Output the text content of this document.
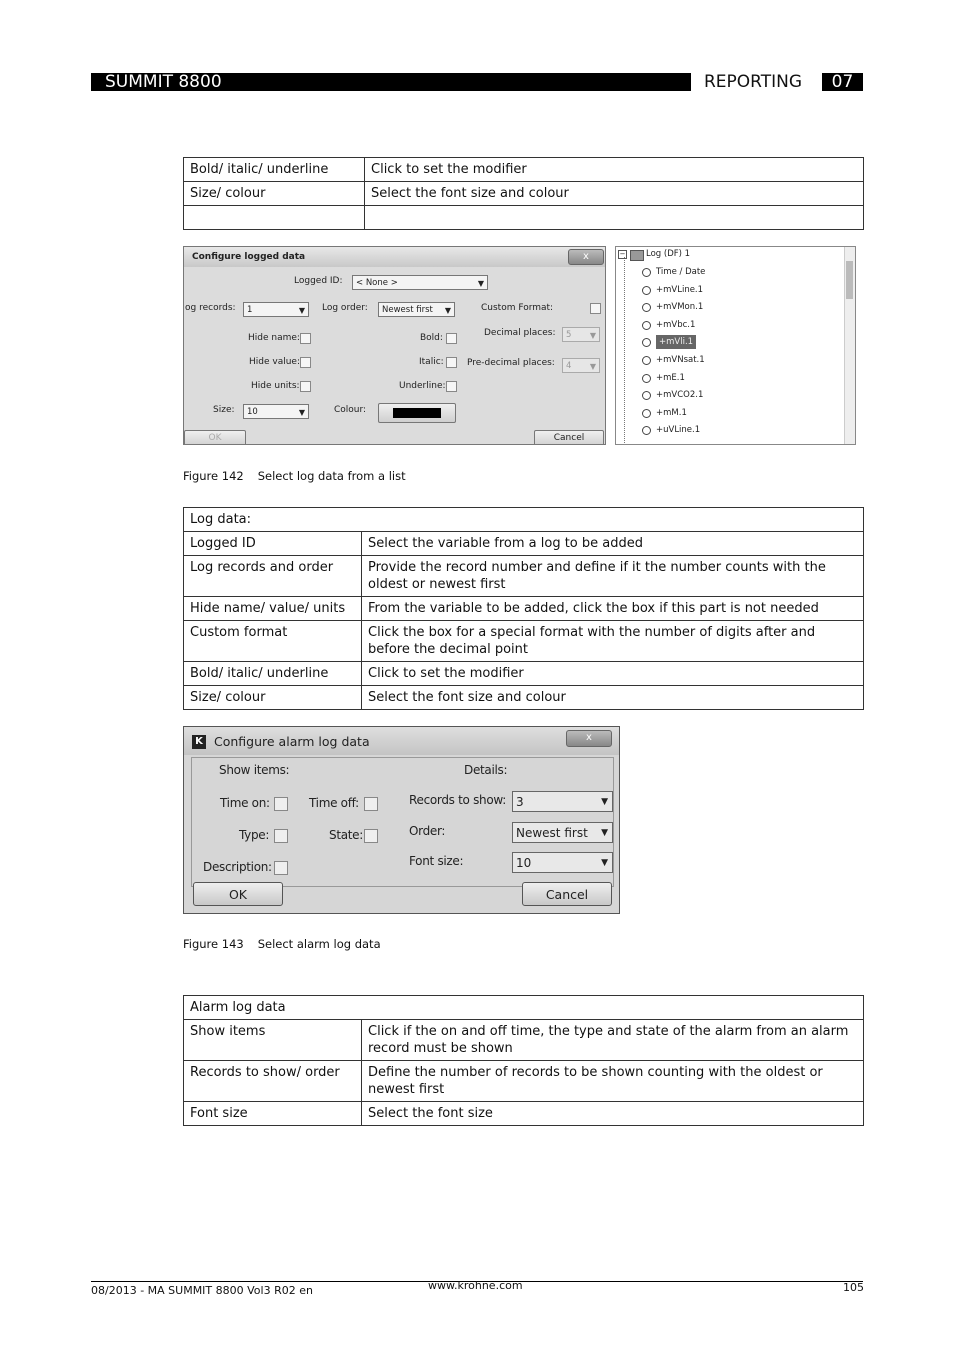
SUMMIT 8800	REPORTING	07
Bold/ italic/ underline	Click to set the modifier
Size/ colour	Select the font size and colour

Configure logged data	x
Logged ID:	< None >	▼
og records:	1	▼ Log order:	Newest first ▼	Custom Format:
Hide name:	Bold:	Decimal places:	5 ▼
Hide value:	Italic:	Pre-decimal places:	4 ▼
Hide units:	Underline:
Size:	10	▼	Colour:
OK	Cancel
− Log (DF) 1
Time / Date
+mVLine.1
+mVMon.1
+mVbc.1
+mVli.1
+mVNsat.1
+mE.1
+mVCO2.1
+mM.1
+uVLine.1
Figure 142 Select log data from a list
Log data:	
Logged ID	Select the variable from a log to be added
Log records and order	Provide the record number and define if it the number counts with the oldest or newest first
Hide name/ value/ units	From the variable to be added, click the box if this part is not needed
Custom format	Click the box for a special format with the number of digits after and before the decimal point
Bold/ italic/ underline	Click to set the modifier
Size/ colour	Select the font size and colour
K Configure alarm log data	x
Show items:	Details:
Time on:	Time off:
Type:	State:
Description:
Records to show: 3	▼
Order:	Newest first ▼
Font size:	10	▼
OK	Cancel
Figure 143 Select alarm log data
Alarm log data	
Show items	Click if the on and off time, the type and state of the alarm from an alarm record must be shown
Records to show/ order	Define the number of records to be shown counting with the oldest or newest first
Font size	Select the font size
08/2013 - MA SUMMIT 8800 Vol3 R02 en	www.krohne.com	105
